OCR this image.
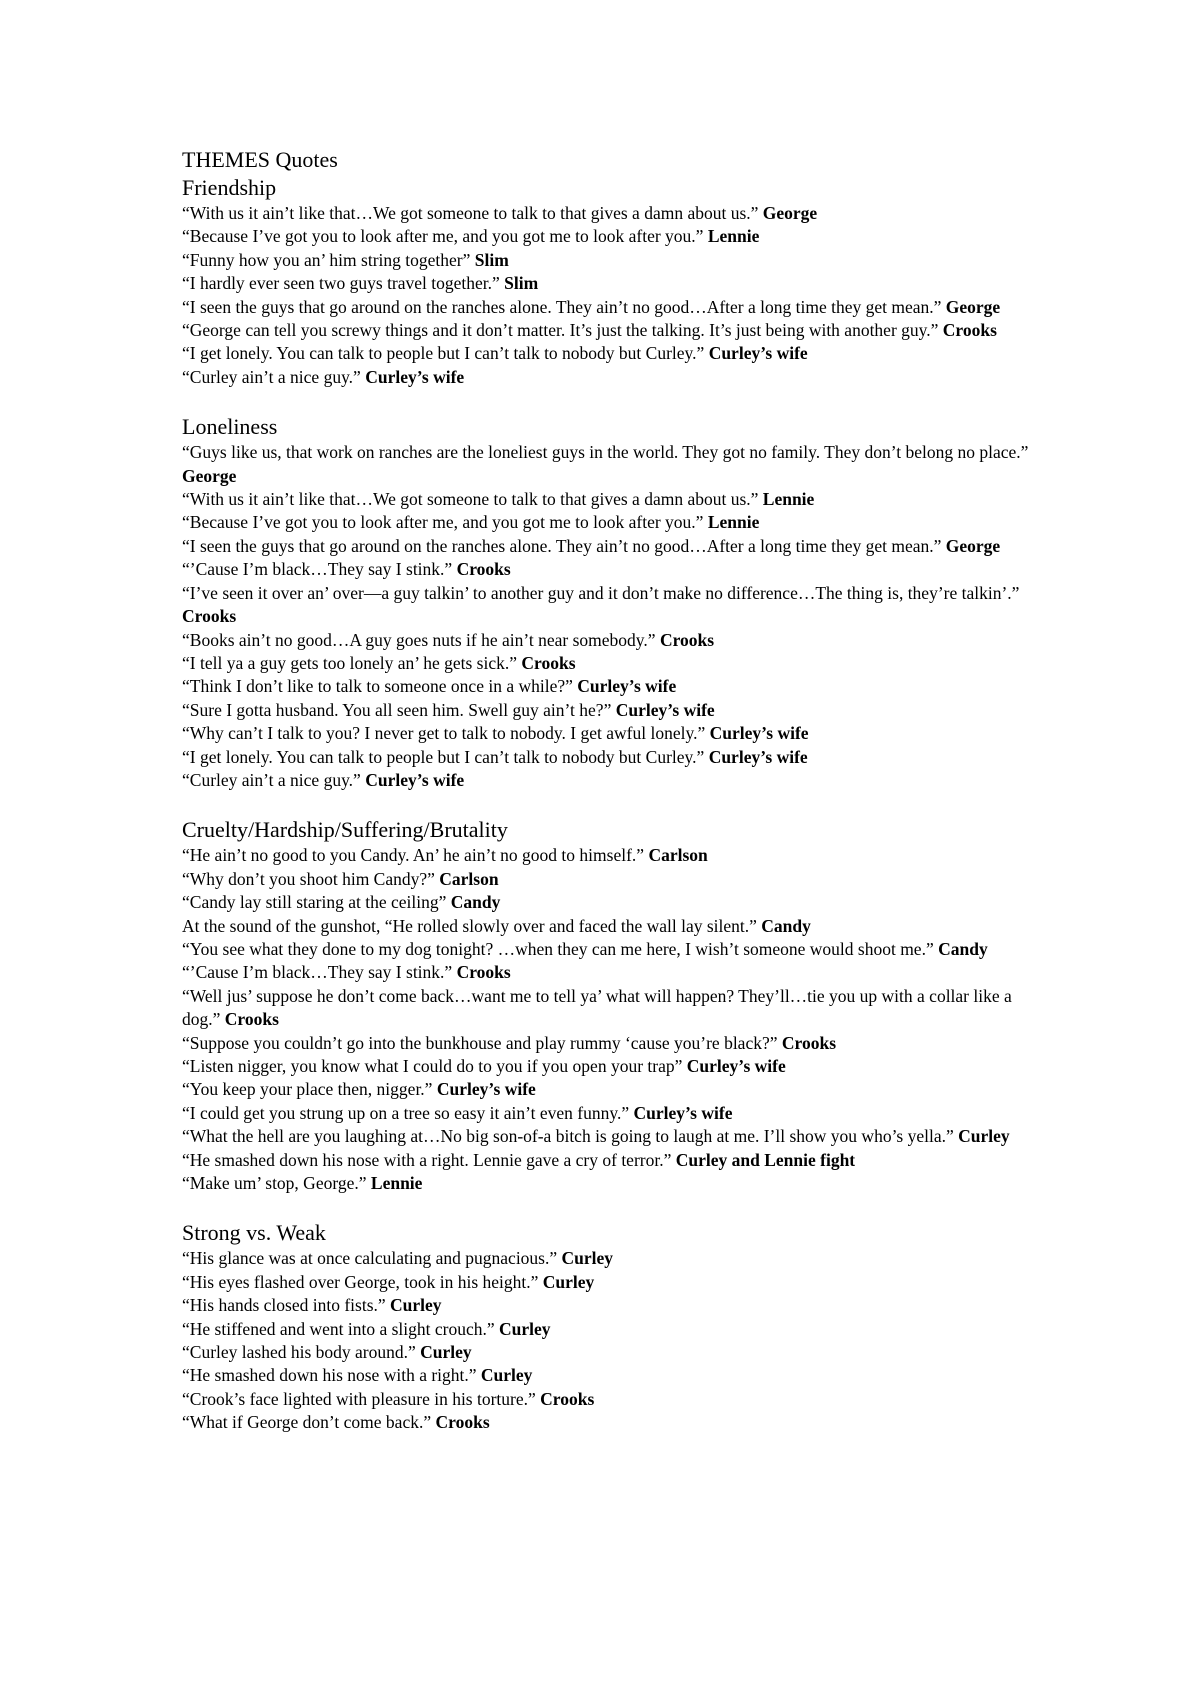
THEMES Quotes
Friendship
“With us it ain’t like that…We got someone to talk to that gives a damn about us.” George
“Because I’ve got you to look after me, and you got me to look after you.” Lennie
“Funny how you an’ him string together” Slim
“I hardly ever seen two guys travel together.” Slim
“I seen the guys that go around on the ranches alone. They ain’t no good…After a long time they get mean.” George
“George can tell you screwy things and it don’t matter. It’s just the talking. It’s just being with another guy.” Crooks
“I get lonely. You can talk to people but I can’t talk to nobody but Curley.” Curley’s wife
“Curley ain’t a nice guy.” Curley’s wife
Loneliness
“Guys like us, that work on ranches are the loneliest guys in the world. They got no family. They don’t belong no place.” George
“With us it ain’t like that…We got someone to talk to that gives a damn about us.” Lennie
“Because I’ve got you to look after me, and you got me to look after you.” Lennie
“I seen the guys that go around on the ranches alone. They ain’t no good…After a long time they get mean.” George
“’Cause I’m black…They say I stink.” Crooks
“I’ve seen it over an’ over—a guy talkin’ to another guy and it don’t make no difference…The thing is, they’re talkin’.” Crooks
“Books ain’t no good…A guy goes nuts if he ain’t near somebody.” Crooks
“I tell ya a guy gets too lonely an’ he gets sick.” Crooks
“Think I don’t like to talk to someone once in a while?” Curley’s wife
“Sure I gotta husband. You all seen him. Swell guy ain’t he?” Curley’s wife
“Why can’t I talk to you? I never get to talk to nobody. I get awful lonely.” Curley’s wife
“I get lonely. You can talk to people but I can’t talk to nobody but Curley.” Curley’s wife
“Curley ain’t a nice guy.” Curley’s wife
Cruelty/Hardship/Suffering/Brutality
“He ain’t no good to you Candy. An’ he ain’t no good to himself.” Carlson
“Why don’t you shoot him Candy?” Carlson
“Candy lay still staring at the ceiling” Candy
At the sound of the gunshot, “He rolled slowly over and faced the wall lay silent.” Candy
“You see what they done to my dog tonight? …when they can me here, I wish’t someone would shoot me.” Candy
“’Cause I’m black…They say I stink.” Crooks
“Well jus’ suppose he don’t come back…want me to tell ya’ what will happen? They’ll…tie you up with a collar like a dog.” Crooks
“Suppose you couldn’t go into the bunkhouse and play rummy ‘cause you’re black?” Crooks
“Listen nigger, you know what I could do to you if you open your trap” Curley’s wife
“You keep your place then, nigger.” Curley’s wife
“I could get you strung up on a tree so easy it ain’t even funny.” Curley’s wife
“What the hell are you laughing at…No big son-of-a bitch is going to laugh at me. I’ll show you who’s yella.” Curley
“He smashed down his nose with a right. Lennie gave a cry of terror.” Curley and Lennie fight
“Make um’ stop, George.” Lennie
Strong vs. Weak
“His glance was at once calculating and pugnacious.” Curley
“His eyes flashed over George, took in his height.” Curley
“His hands closed into fists.” Curley
“He stiffened and went into a slight crouch.” Curley
“Curley lashed his body around.” Curley
“He smashed down his nose with a right.” Curley
“Crook’s face lighted with pleasure in his torture.” Crooks
“What if George don’t come back.” Crooks
